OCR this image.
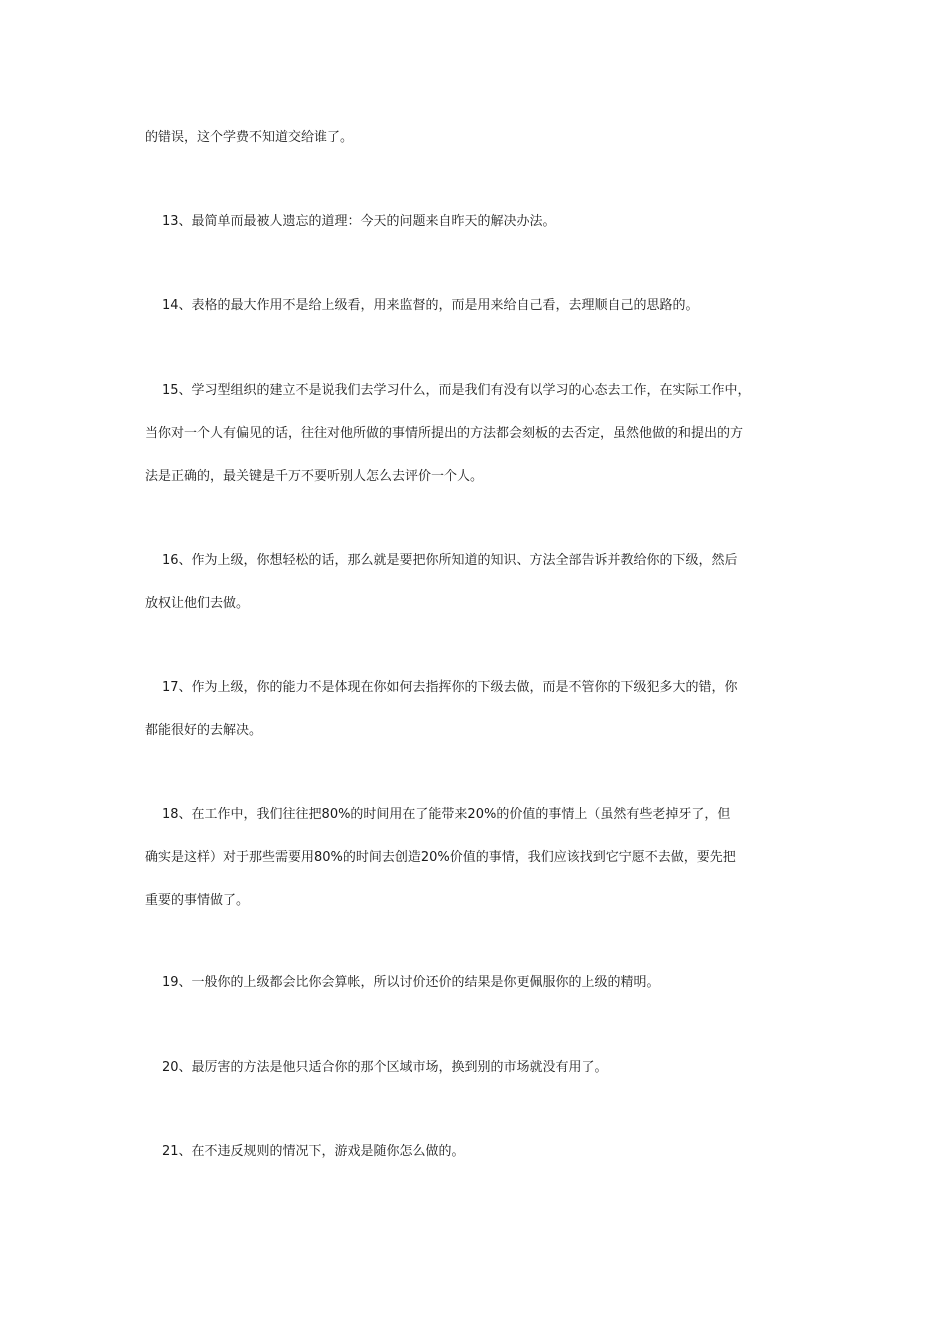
的错误，这个学费不知道交给谁了。

13、最简单而最被人遗忘的道理：今天的问题来自昨天的解决办法。

14、表格的最大作用不是给上级看，用来监督的，而是用来给自己看，去理顺自己的思路的。

15、学习型组织的建立不是说我们去学习什么，而是我们有没有以学习的心态去工作，在实际工作中，
当你对一个人有偏见的话，往往对他所做的事情所提出的方法都会刻板的去否定，虽然他做的和提出的方
法是正确的，最关键是千万不要听别人怎么去评价一个人。

16、作为上级，你想轻松的话，那么就是要把你所知道的知识、方法全部告诉并教给你的下级，然后
放权让他们去做。

17、作为上级，你的能力不是体现在你如何去指挥你的下级去做，而是不管你的下级犯多大的错，你
都能很好的去解决。

18、在工作中，我们往往把80%的时间用在了能带来20%的价值的事情上（虽然有些老掉牙了，但
确实是这样）对于那些需要用80%的时间去创造20%价值的事情，我们应该找到它宁愿不去做，要先把
重要的事情做了。

19、一般你的上级都会比你会算帐，所以讨价还价的结果是你更佩服你的上级的精明。

20、最厉害的方法是他只适合你的那个区域市场，换到别的市场就没有用了。

21、在不违反规则的情况下，游戏是随你怎么做的。
